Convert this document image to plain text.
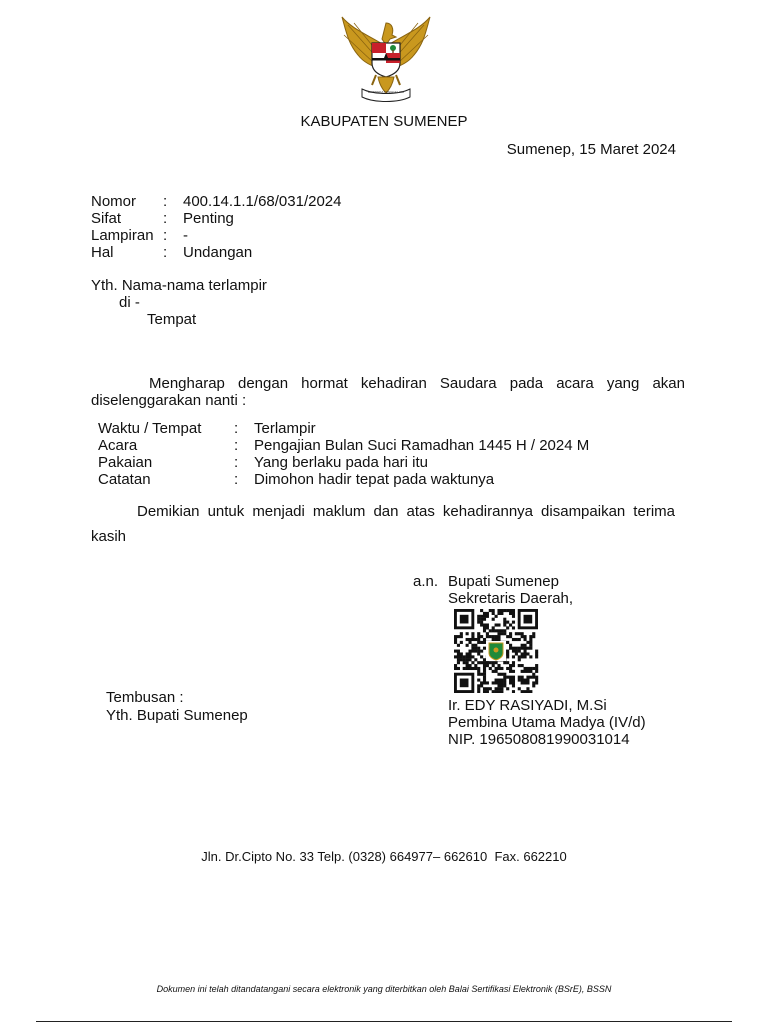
BHINNEKA TUNGGAL IKA
KABUPATEN SUMENEP
Sumenep, 15 Maret 2024
Nomor : 400.14.1.1/68/031/2024
Sifat	: Penting
Lampiran : -
Hal	: Undangan
Yth. Nama-nama terlampir
di -
Tempat
Mengharap dengan hormat kehadiran Saudara pada acara yang akan diselenggarakan nanti :
Waktu / Tempat : Terlampir
Acara	: Pengajian Bulan Suci Ramadhan 1445 H / 2024 M
Pakaian	: Yang berlaku pada hari itu
Catatan	: Dimohon hadir tepat pada waktunya
Demikian untuk menjadi maklum dan atas kehadirannya disampaikan terima
kasih
a.n. Bupati Sumenep
Sekretaris Daerah,
Ir. EDY RASIYADI, M.Si
Pembina Utama Madya (IV/d)
NIP. 196508081990031014
Tembusan :
Yth. Bupati Sumenep
Jln. Dr.Cipto No. 33 Telp. (0328) 664977– 662610  Fax. 662210
Dokumen ini telah ditandatangani secara elektronik yang diterbitkan oleh Balai Sertifikasi Elektronik (BSrE), BSSN
